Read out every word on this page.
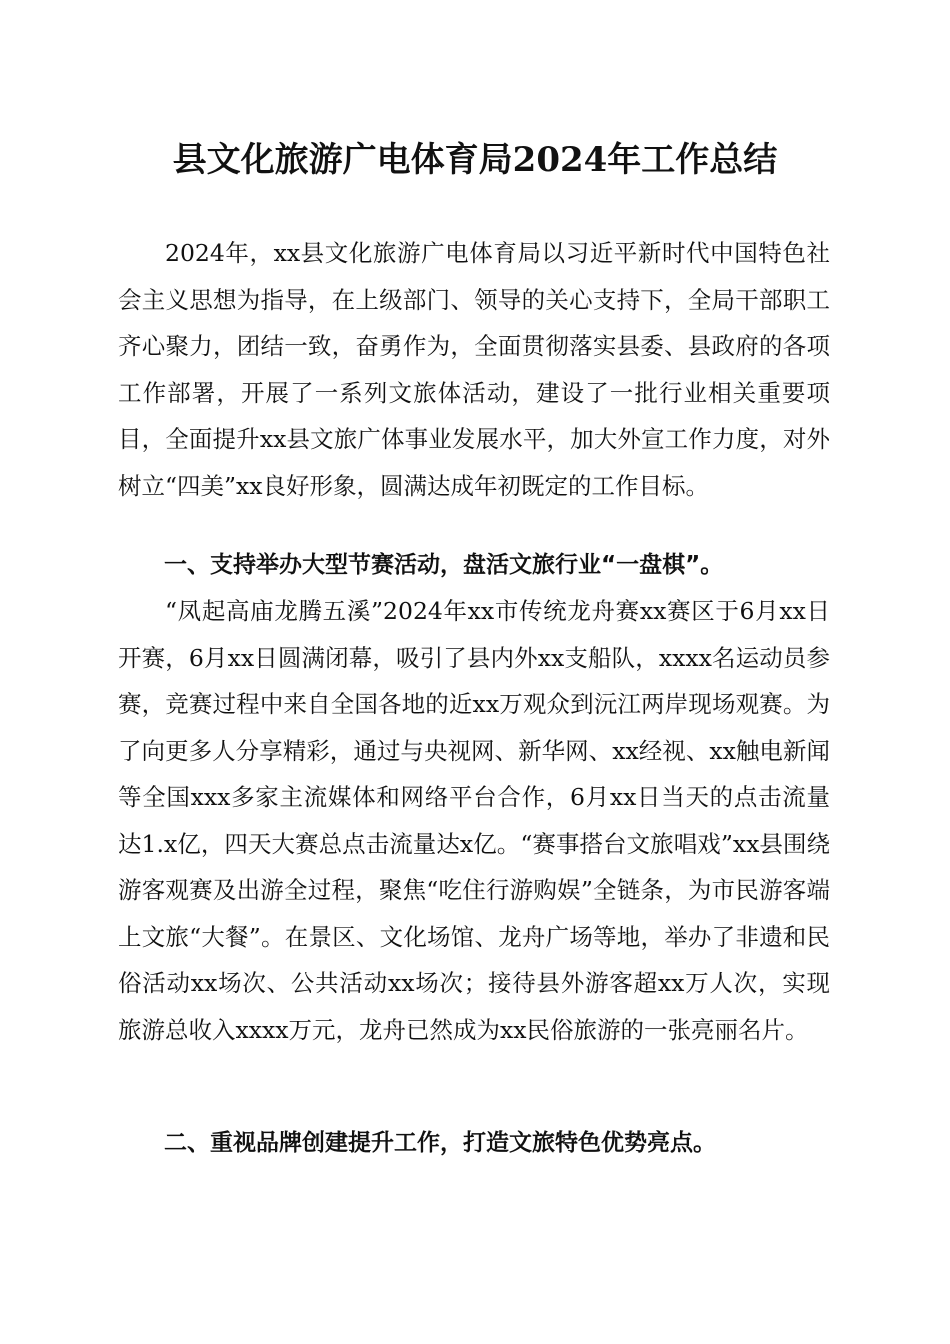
县文化旅游广电体育局2024年工作总结

2024年，xx县文化旅游广电体育局以习近平新时代中国特色社会主义思想为指导，在上级部门、领导的关心支持下，全局干部职工齐心聚力，团结一致，奋勇作为，全面贯彻落实县委、县政府的各项工作部署，开展了一系列文旅体活动，建设了一批行业相关重要项目，全面提升xx县文旅广体事业发展水平，加大外宣工作力度，对外树立“四美”xx良好形象，圆满达成年初既定的工作目标。

一、支持举办大型节赛活动，盘活文旅行业“一盘棋”。

“凤起高庙龙腾五溪”2024年xx市传统龙舟赛xx赛区于6月xx日开赛，6月xx日圆满闭幕，吸引了县内外xx支船队，xxxx名运动员参赛，竞赛过程中来自全国各地的近xx万观众到沅江两岸现场观赛。为了向更多人分享精彩，通过与央视网、新华网、xx经视、xx触电新闻等全国xxx多家主流媒体和网络平台合作，6月xx日当天的点击流量达1.x亿，四天大赛总点击流量达x亿。“赛事搭台文旅唱戏”xx县围绕游客观赛及出游全过程，聚焦“吃住行游购娱”全链条，为市民游客端上文旅“大餐”。在景区、文化场馆、龙舟广场等地，举办了非遗和民俗活动xx场次、公共活动xx场次；接待县外游客超xx万人次，实现旅游总收入xxxx万元，龙舟已然成为xx民俗旅游的一张亮丽名片。

二、重视品牌创建提升工作，打造文旅特色优势亮点。
